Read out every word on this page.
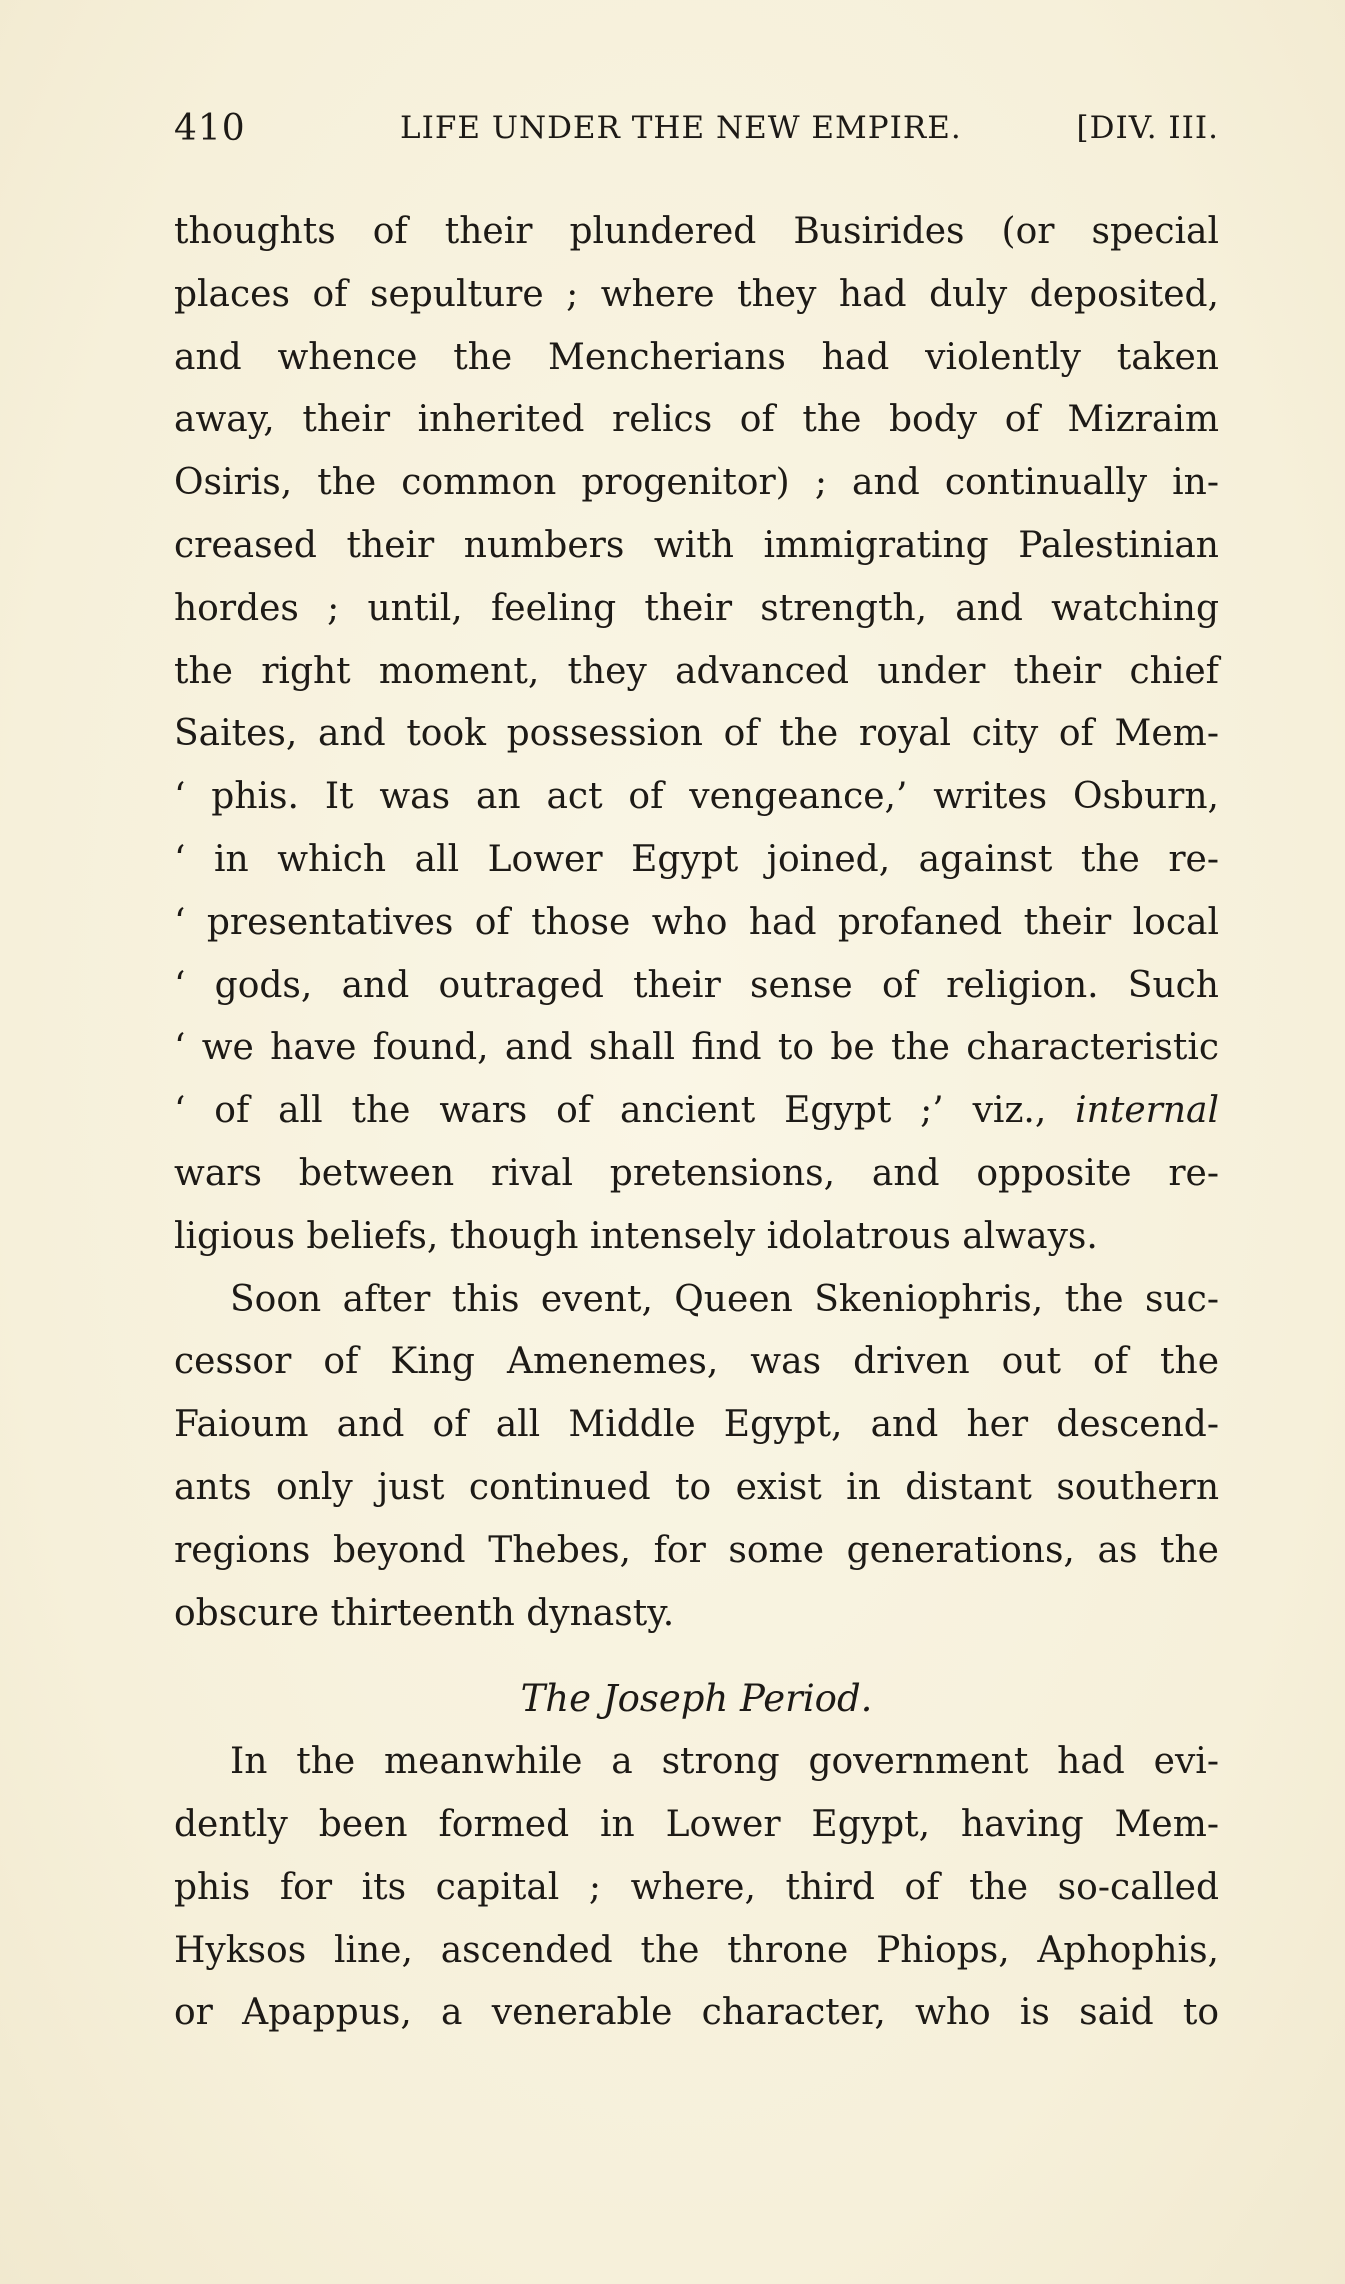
410	LIFE UNDER THE NEW EMPIRE.	[DIV. III.
thoughts of their plundered Busirides (or special
places of sepulture ; where they had duly deposited,
and whence the Mencherians had violently taken
away, their inherited relics of the body of Mizraim
Osiris, the common progenitor) ; and continually in-
creased their numbers with immigrating Palestinian
hordes ; until, feeling their strength, and watching
the right moment, they advanced under their chief
Saites, and took possession of the royal city of Mem-
‘ phis. It was an act of vengeance,’ writes Osburn,
‘ in which all Lower Egypt joined, against the re-
‘ presentatives of those who had profaned their local
‘ gods, and outraged their sense of religion. Such
‘ we have found, and shall find to be the characteristic
‘ of all the wars of ancient Egypt ;’ viz., internal
wars between rival pretensions, and opposite re-
ligious beliefs, though intensely idolatrous always.
Soon after this event, Queen Skeniophris, the suc-
cessor of King Amenemes, was driven out of the
Faioum and of all Middle Egypt, and her descend-
ants only just continued to exist in distant southern
regions beyond Thebes, for some generations, as the
obscure thirteenth dynasty.
The Joseph Period.
In the meanwhile a strong government had evi-
dently been formed in Lower Egypt, having Mem-
phis for its capital ; where, third of the so-called
Hyksos line, ascended the throne Phiops, Aphophis,
or Apappus, a venerable character, who is said to
